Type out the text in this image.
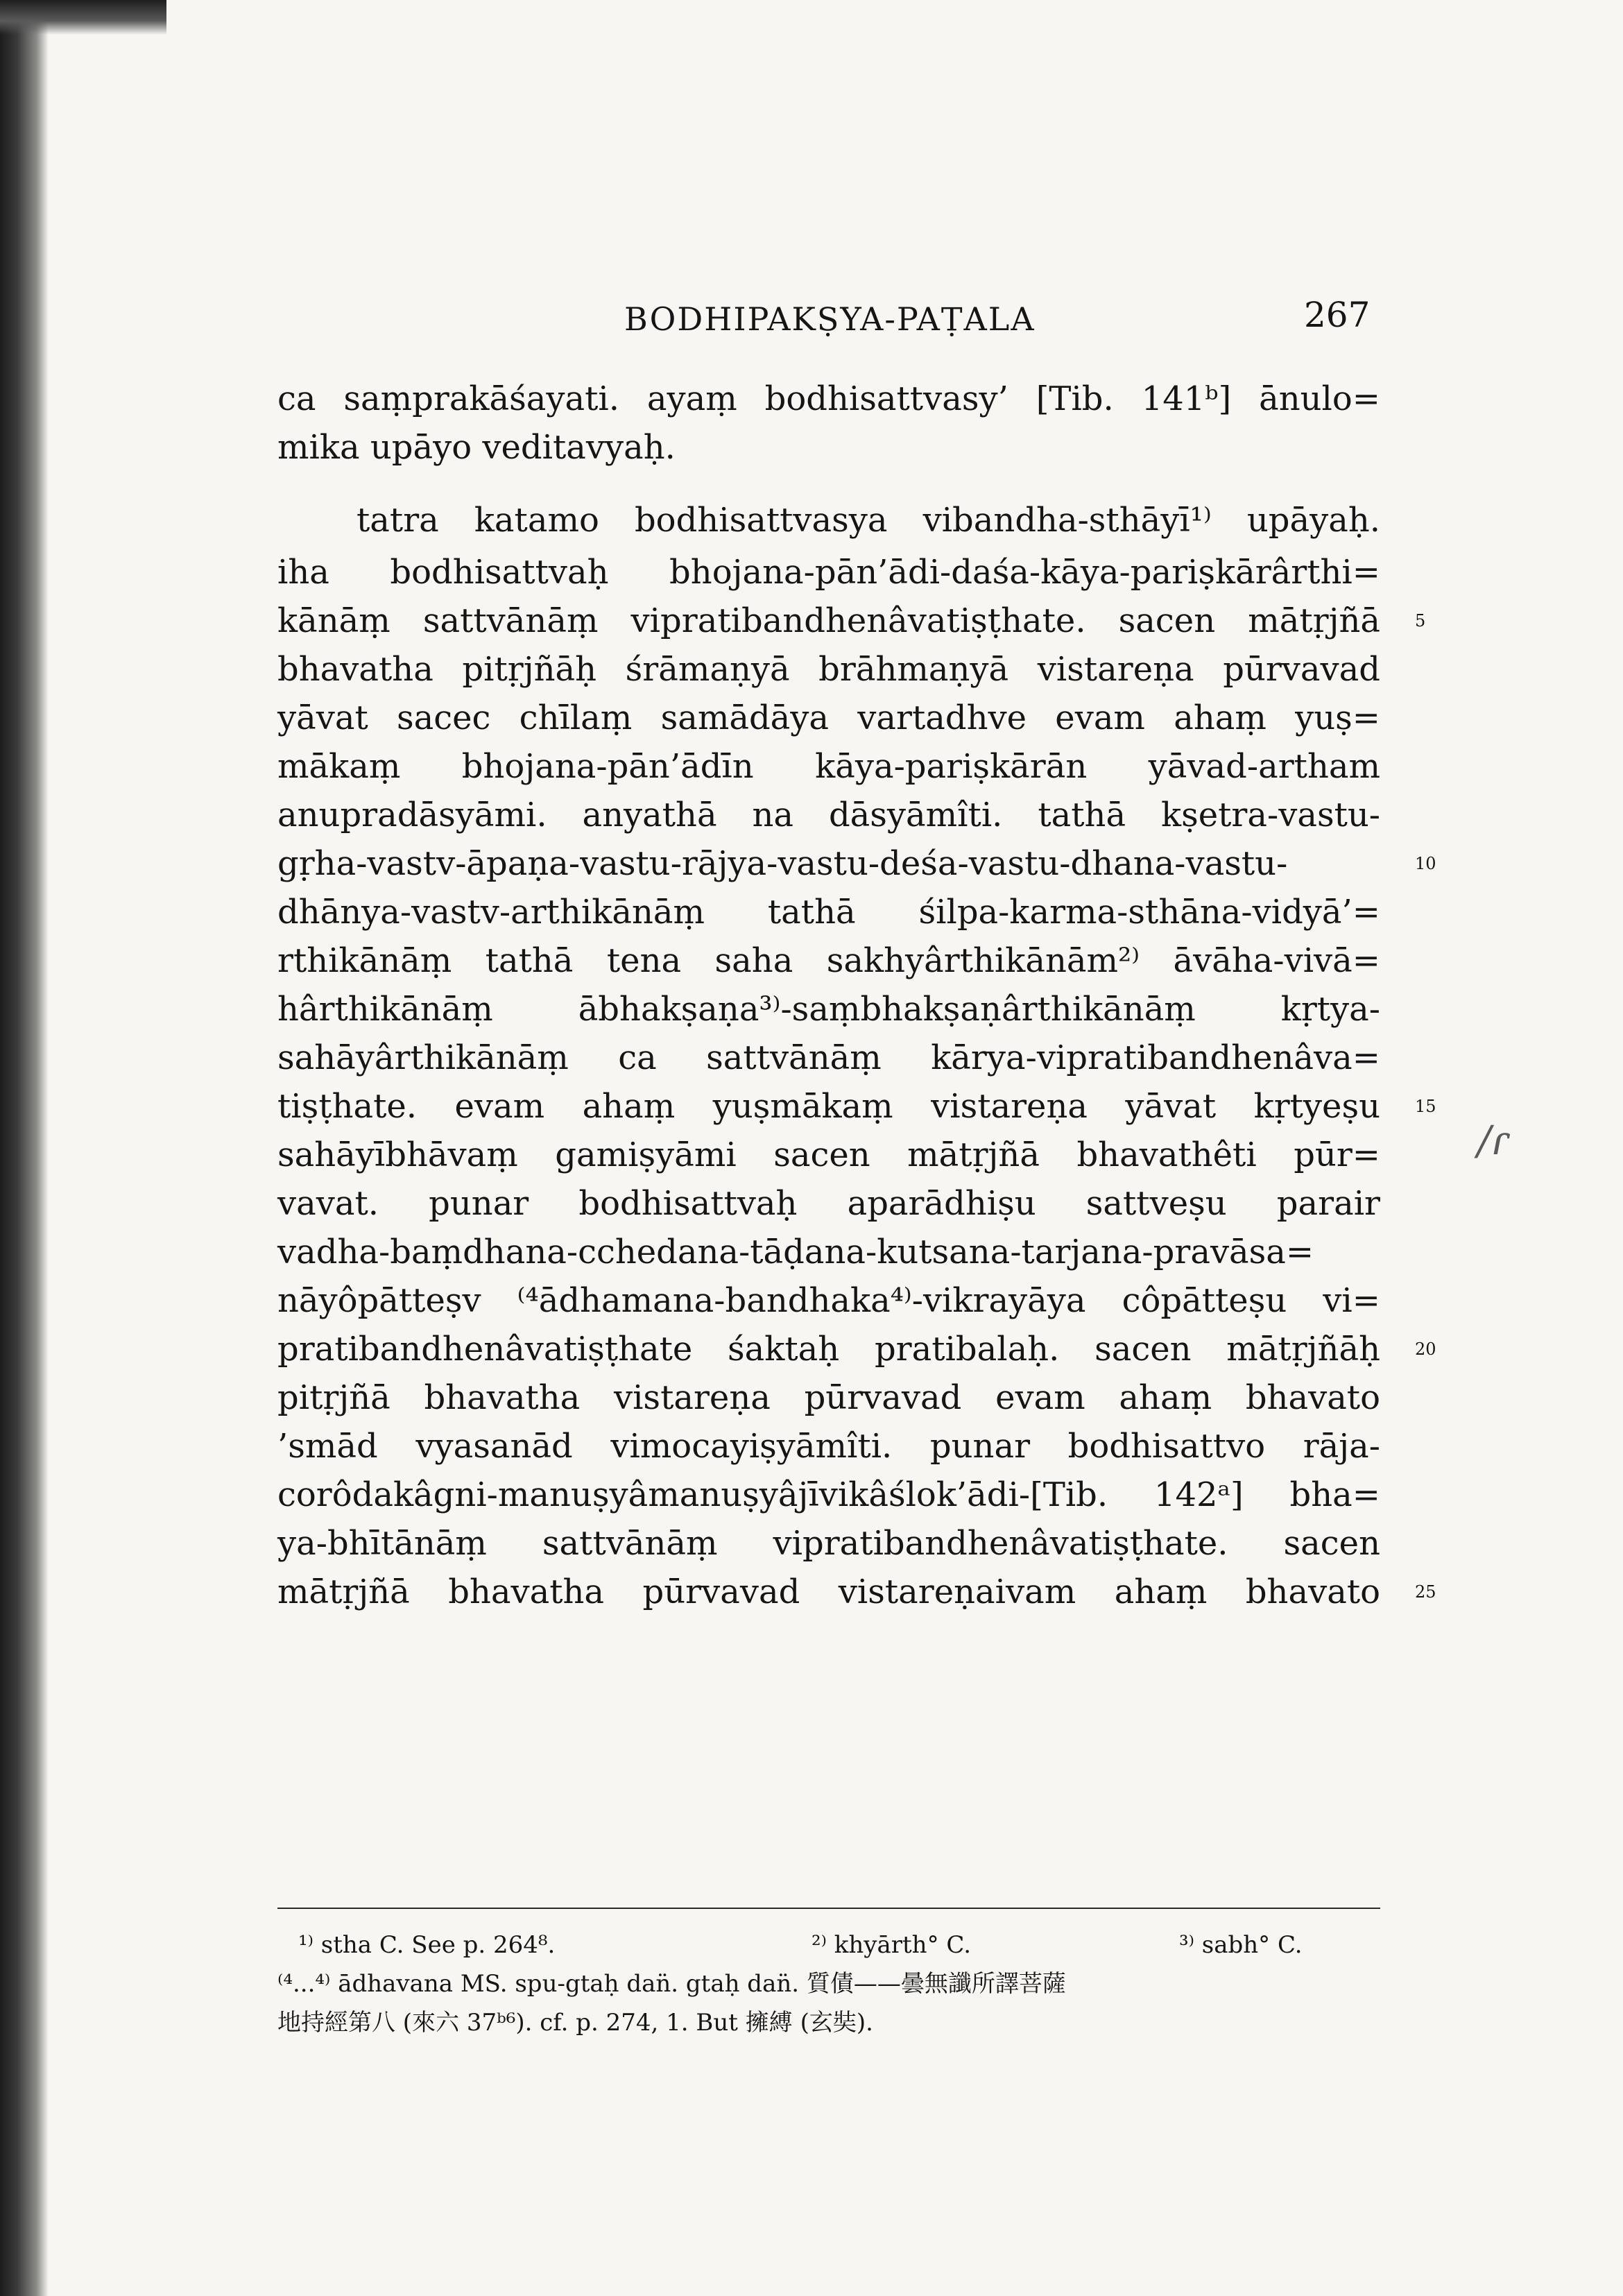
BODHIPAKṢYA-PAṬALA	267
ca saṃprakāśayati. ayaṃ bodhisattvasy’ [Tib. 141ᵇ] ānulo=
mika upāyo veditavyaḥ.
tatra katamo bodhisattvasya vibandha-sthāyī¹⁾ upāyaḥ.
iha bodhisattvaḥ bhojana-pān’ādi-daśa-kāya-pariṣkārârthi=
kānāṃ sattvānāṃ vipratibandhenâvatiṣṭhate. sacen mātṛjñā
bhavatha pitṛjñāḥ śrāmaṇyā brāhmaṇyā vistareṇa pūrvavad
yāvat sacec chīlaṃ samādāya vartadhve evam ahaṃ yuṣ=
mākaṃ bhojana-pān’ādīn kāya-pariṣkārān yāvad-artham
anupradāsyāmi. anyathā na dāsyāmîti. tathā kṣetra-vastu-
gṛha-vastv-āpaṇa-vastu-rājya-vastu-deśa-vastu-dhana-vastu-
dhānya-vastv-arthikānāṃ tathā śilpa-karma-sthāna-vidyā’=
rthikānāṃ tathā tena saha sakhyârthikānām²⁾ āvāha-vivā=
hârthikānāṃ ābhakṣaṇa³⁾-saṃbhakṣaṇârthikānāṃ kṛtya-
sahāyârthikānāṃ ca sattvānāṃ kārya-vipratibandhenâva=
tiṣṭhate. evam ahaṃ yuṣmākaṃ vistareṇa yāvat kṛtyeṣu
sahāyībhāvaṃ gamiṣyāmi sacen mātṛjñā bhavathêti pūr=
vavat. punar bodhisattvaḥ aparādhiṣu sattveṣu parair
vadha-baṃdhana-cchedana-tāḍana-kutsana-tarjana-pravāsa=
nāyôpātteṣv ⁽⁴ādhamana-bandhaka⁴⁾-vikrayāya côpātteṣu vi=
pratibandhenâvatiṣṭhate śaktaḥ pratibalaḥ. sacen mātṛjñāḥ
pitṛjñā bhavatha vistareṇa pūrvavad evam ahaṃ bhavato
’smād vyasanād vimocayiṣyāmîti. punar bodhisattvo rāja-
corôdakâgni-manuṣyâmanuṣyâjīvikâślok’ādi-[Tib. 142ᵃ] bha=
ya-bhītānāṃ sattvānāṃ vipratibandhenâvatiṣṭhate. sacen
mātṛjñā bhavatha pūrvavad vistareṇaivam ahaṃ bhavato
5
10
15
20
25
/ɾ
¹⁾ stha C. See p. 264⁸.	²⁾ khyārth° C.	³⁾ sabh° C.
⁽⁴...⁴⁾ ādhavana MS. spu-gtaḥ dan̈. gtaḥ dan̈. 質債——曇無讖所譯菩薩
地持經第八 (來六 37ᵇ⁶). cf. p. 274, 1. But 擁縛 (玄奘).
